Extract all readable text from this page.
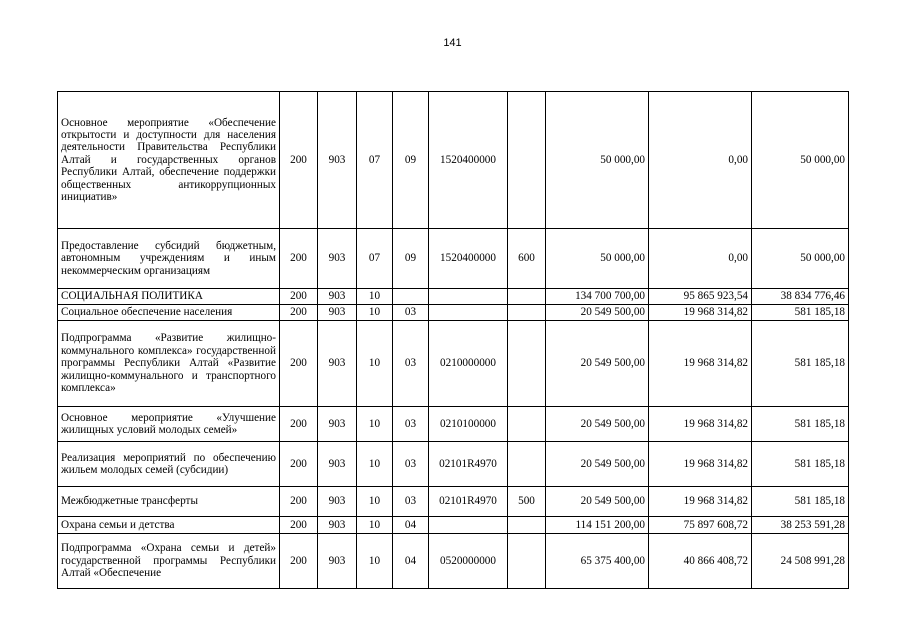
141
Основное мероприятие «Обеспечение открытости и доступности для населения деятельности Правительства Республики Алтай и государственных органов Республики Алтай, обеспечение поддержки общественных антикоррупционных инициатив»	200	903	07	09	1520400000		50 000,00	0,00	50 000,00
Предоставление субсидий бюджетным, автономным учреждениям и иным некоммерческим организациям	200	903	07	09	1520400000	600	50 000,00	0,00	50 000,00
СОЦИАЛЬНАЯ ПОЛИТИКА	200	903	10				134 700 700,00	95 865 923,54	38 834 776,46
Социальное обеспечение населения	200	903	10	03			20 549 500,00	19 968 314,82	581 185,18
Подпрограмма «Развитие жилищно-коммунального комплекса» государственной программы Республики Алтай «Развитие жилищно-коммунального и транспортного комплекса»	200	903	10	03	0210000000		20 549 500,00	19 968 314,82	581 185,18
Основное мероприятие «Улучшение жилищных условий молодых семей»	200	903	10	03	0210100000		20 549 500,00	19 968 314,82	581 185,18
Реализация мероприятий по обеспечению жильем молодых семей (субсидии)	200	903	10	03	02101R4970		20 549 500,00	19 968 314,82	581 185,18
Межбюджетные трансферты	200	903	10	03	02101R4970	500	20 549 500,00	19 968 314,82	581 185,18
Охрана семьи и детства	200	903	10	04			114 151 200,00	75 897 608,72	38 253 591,28
Подпрограмма «Охрана семьи и детей» государственной программы Республики Алтай «Обеспечение	200	903	10	04	0520000000		65 375 400,00	40 866 408,72	24 508 991,28
